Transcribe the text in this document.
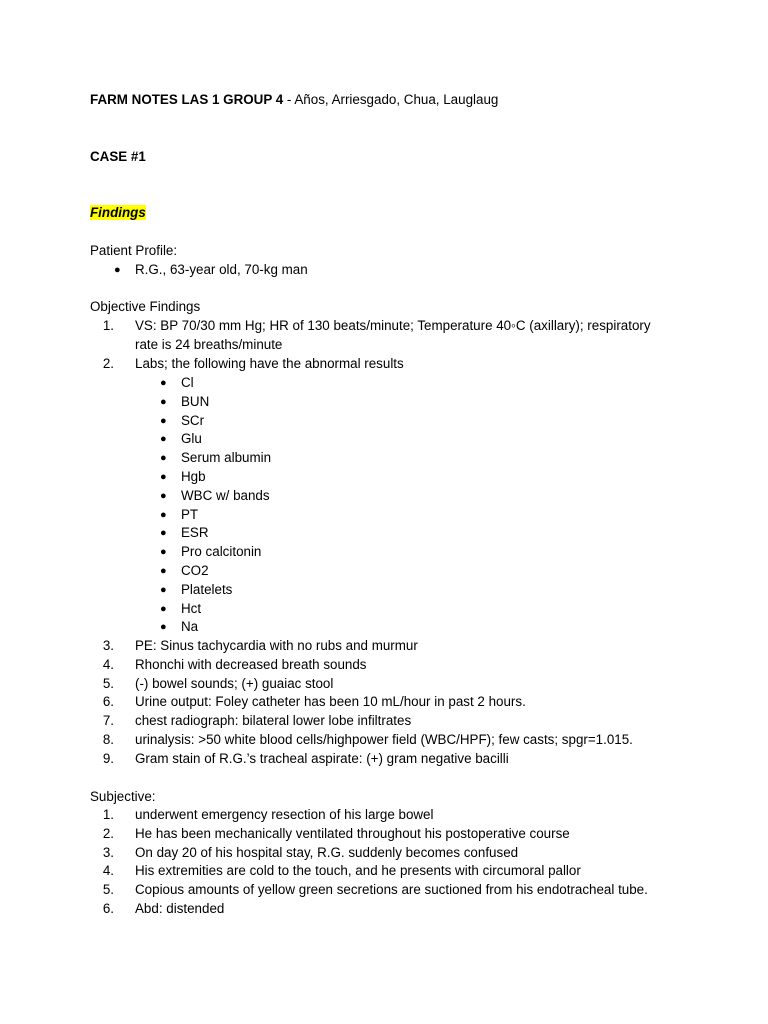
FARM NOTES LAS 1 GROUP 4 - Años, Arriesgado, Chua, Lauglaug
CASE #1
Findings
Patient Profile:
● R.G., 63-year old, 70-kg man
Objective Findings
1. VS: BP 70/30 mm Hg; HR of 130 beats/minute; Temperature 40◦C (axillary); respiratory
rate is 24 breaths/minute
2. Labs; the following have the abnormal results
● Cl
● BUN
● SCr
● Glu
● Serum albumin
● Hgb
● WBC w/ bands
● PT
● ESR
● Pro calcitonin
● CO2
● Platelets
● Hct
● Na
3. PE: Sinus tachycardia with no rubs and murmur
4. Rhonchi with decreased breath sounds
5. (-) bowel sounds; (+) guaiac stool
6. Urine output: Foley catheter has been 10 mL/hour in past 2 hours.
7. chest radiograph: bilateral lower lobe infiltrates
8. urinalysis: >50 white blood cells/highpower field (WBC/HPF); few casts; spgr=1.015.
9. Gram stain of R.G.’s tracheal aspirate: (+) gram negative bacilli
Subjective:
1. underwent emergency resection of his large bowel
2. He has been mechanically ventilated throughout his postoperative course
3. On day 20 of his hospital stay, R.G. suddenly becomes confused
4. His extremities are cold to the touch, and he presents with circumoral pallor
5. Copious amounts of yellow green secretions are suctioned from his endotracheal tube.
6. Abd: distended
